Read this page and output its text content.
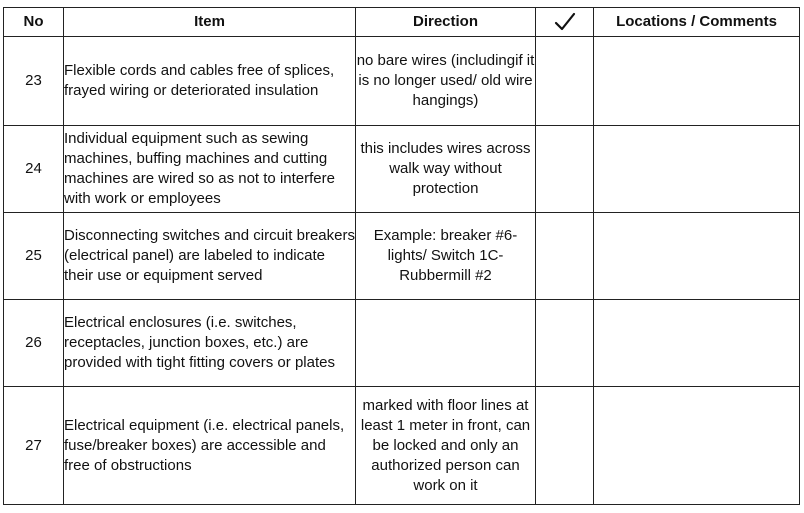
No	Item	Direction		Locations / Comments
23	Flexible cords and cables free of splices, frayed wiring or deteriorated insulation	no bare wires (includingif it is no longer used/ old wire hangings)		
24	Individual equipment such as sewing machines, buffing machines and cutting machines are wired so as not to interfere with work or employees	this includes wires across walk way without protection		
25	Disconnecting switches and circuit breakers (electrical panel) are labeled to indicate their use or equipment served	Example: breaker #6-lights/ Switch 1C- Rubbermill #2		
26	Electrical enclosures (i.e. switches, receptacles, junction boxes, etc.) are provided with tight fitting covers or plates			
27	Electrical equipment (i.e. electrical panels, fuse/breaker boxes) are accessible and free of obstructions	marked with floor lines at least 1 meter in front, can be locked and only an authorized person can work on it		
